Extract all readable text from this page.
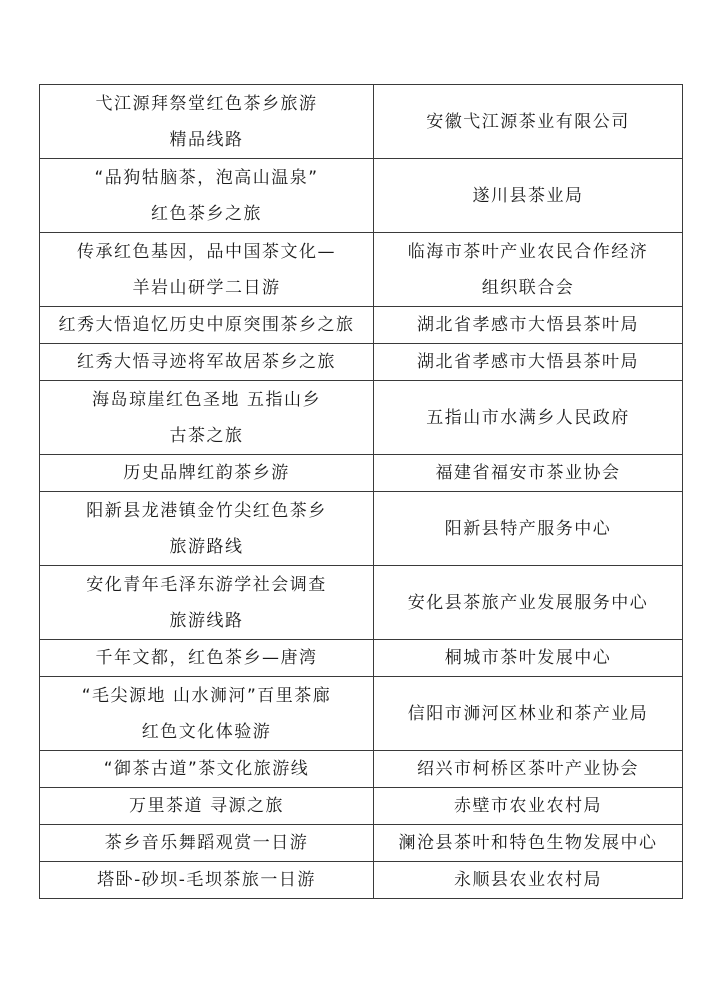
弋江源拜祭堂红色茶乡旅游
精品线路	安徽弋江源茶业有限公司

“品狗牯脑茶，泡高山温泉”
红色茶乡之旅	遂川县茶业局

传承红色基因，品中国茶文化—
羊岩山研学二日游	临海市茶叶产业农民合作经济
组织联合会

红秀大悟追忆历史中原突围茶乡之旅	湖北省孝感市大悟县茶叶局

红秀大悟寻迹将军故居茶乡之旅	湖北省孝感市大悟县茶叶局

海岛琼崖红色圣地 五指山乡
古茶之旅	五指山市水满乡人民政府

历史品牌红韵茶乡游	福建省福安市茶业协会

阳新县龙港镇金竹尖红色茶乡
旅游路线	阳新县特产服务中心

安化青年毛泽东游学社会调查
旅游线路	安化县茶旅产业发展服务中心

千年文都，红色茶乡—唐湾	桐城市茶叶发展中心

“毛尖源地 山水浉河”百里茶廊
红色文化体验游	信阳市浉河区林业和茶产业局

“御茶古道”茶文化旅游线	绍兴市柯桥区茶叶产业协会

万里茶道 寻源之旅	赤壁市农业农村局

茶乡音乐舞蹈观赏一日游	澜沧县茶叶和特色生物发展中心

塔卧-砂坝-毛坝茶旅一日游	永顺县农业农村局
